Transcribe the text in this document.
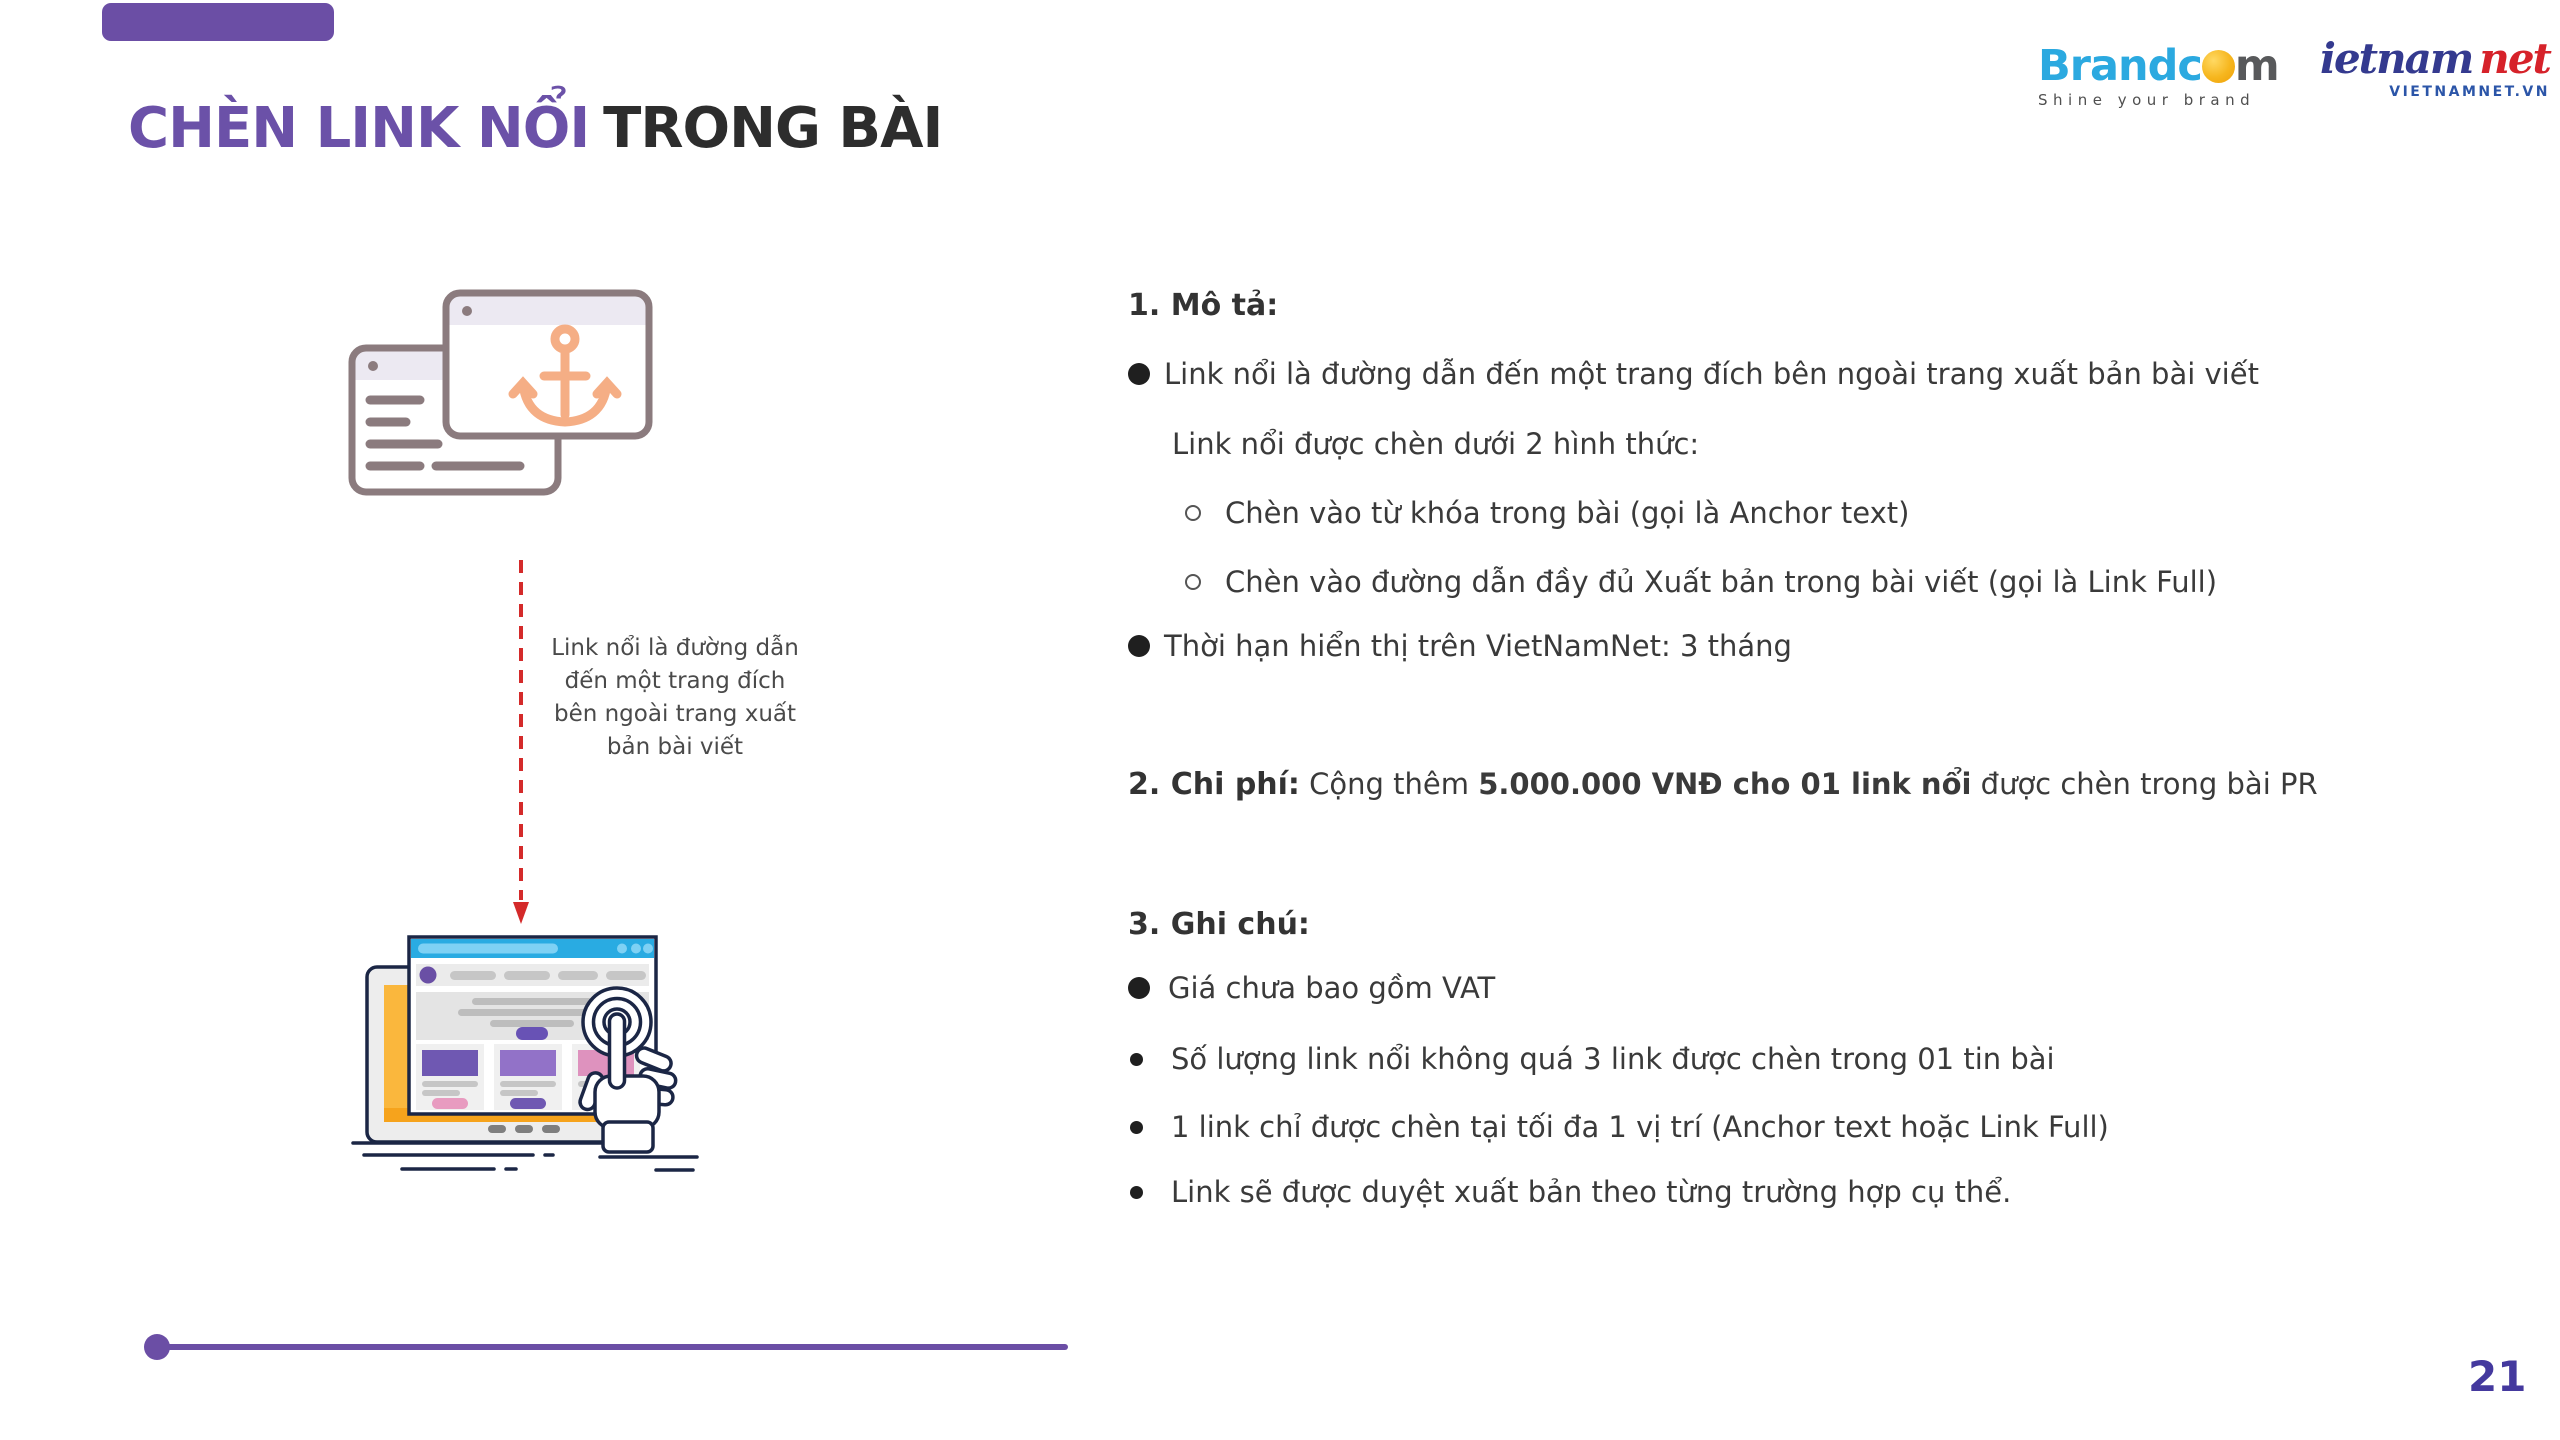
CHÈN LINK NỔI TRONG BÀI
Brandc m
Shine your brand
ietnam net
VIETNAMNET.VN
Link nổi là đường dẫn
đến một trang đích
bên ngoài trang xuất
bản bài viết
1. Mô tả:
Link nổi là đường dẫn đến một trang đích bên ngoài trang xuất bản bài viết
Link nổi được chèn dưới 2 hình thức:
Chèn vào từ khóa trong bài (gọi là Anchor text)
Chèn vào đường dẫn đầy đủ Xuất bản trong bài viết (gọi là Link Full)
Thời hạn hiển thị trên VietNamNet: 3 tháng
2. Chi phí: Cộng thêm 5.000.000 VNĐ cho 01 link nổi được chèn trong bài PR
3. Ghi chú:
Giá chưa bao gồm VAT
Số lượng link nổi không quá 3 link được chèn trong 01 tin bài
1 link chỉ được chèn tại tối đa 1 vị trí (Anchor text hoặc Link Full)
Link sẽ được duyệt xuất bản theo từng trường hợp cụ thể.
21
